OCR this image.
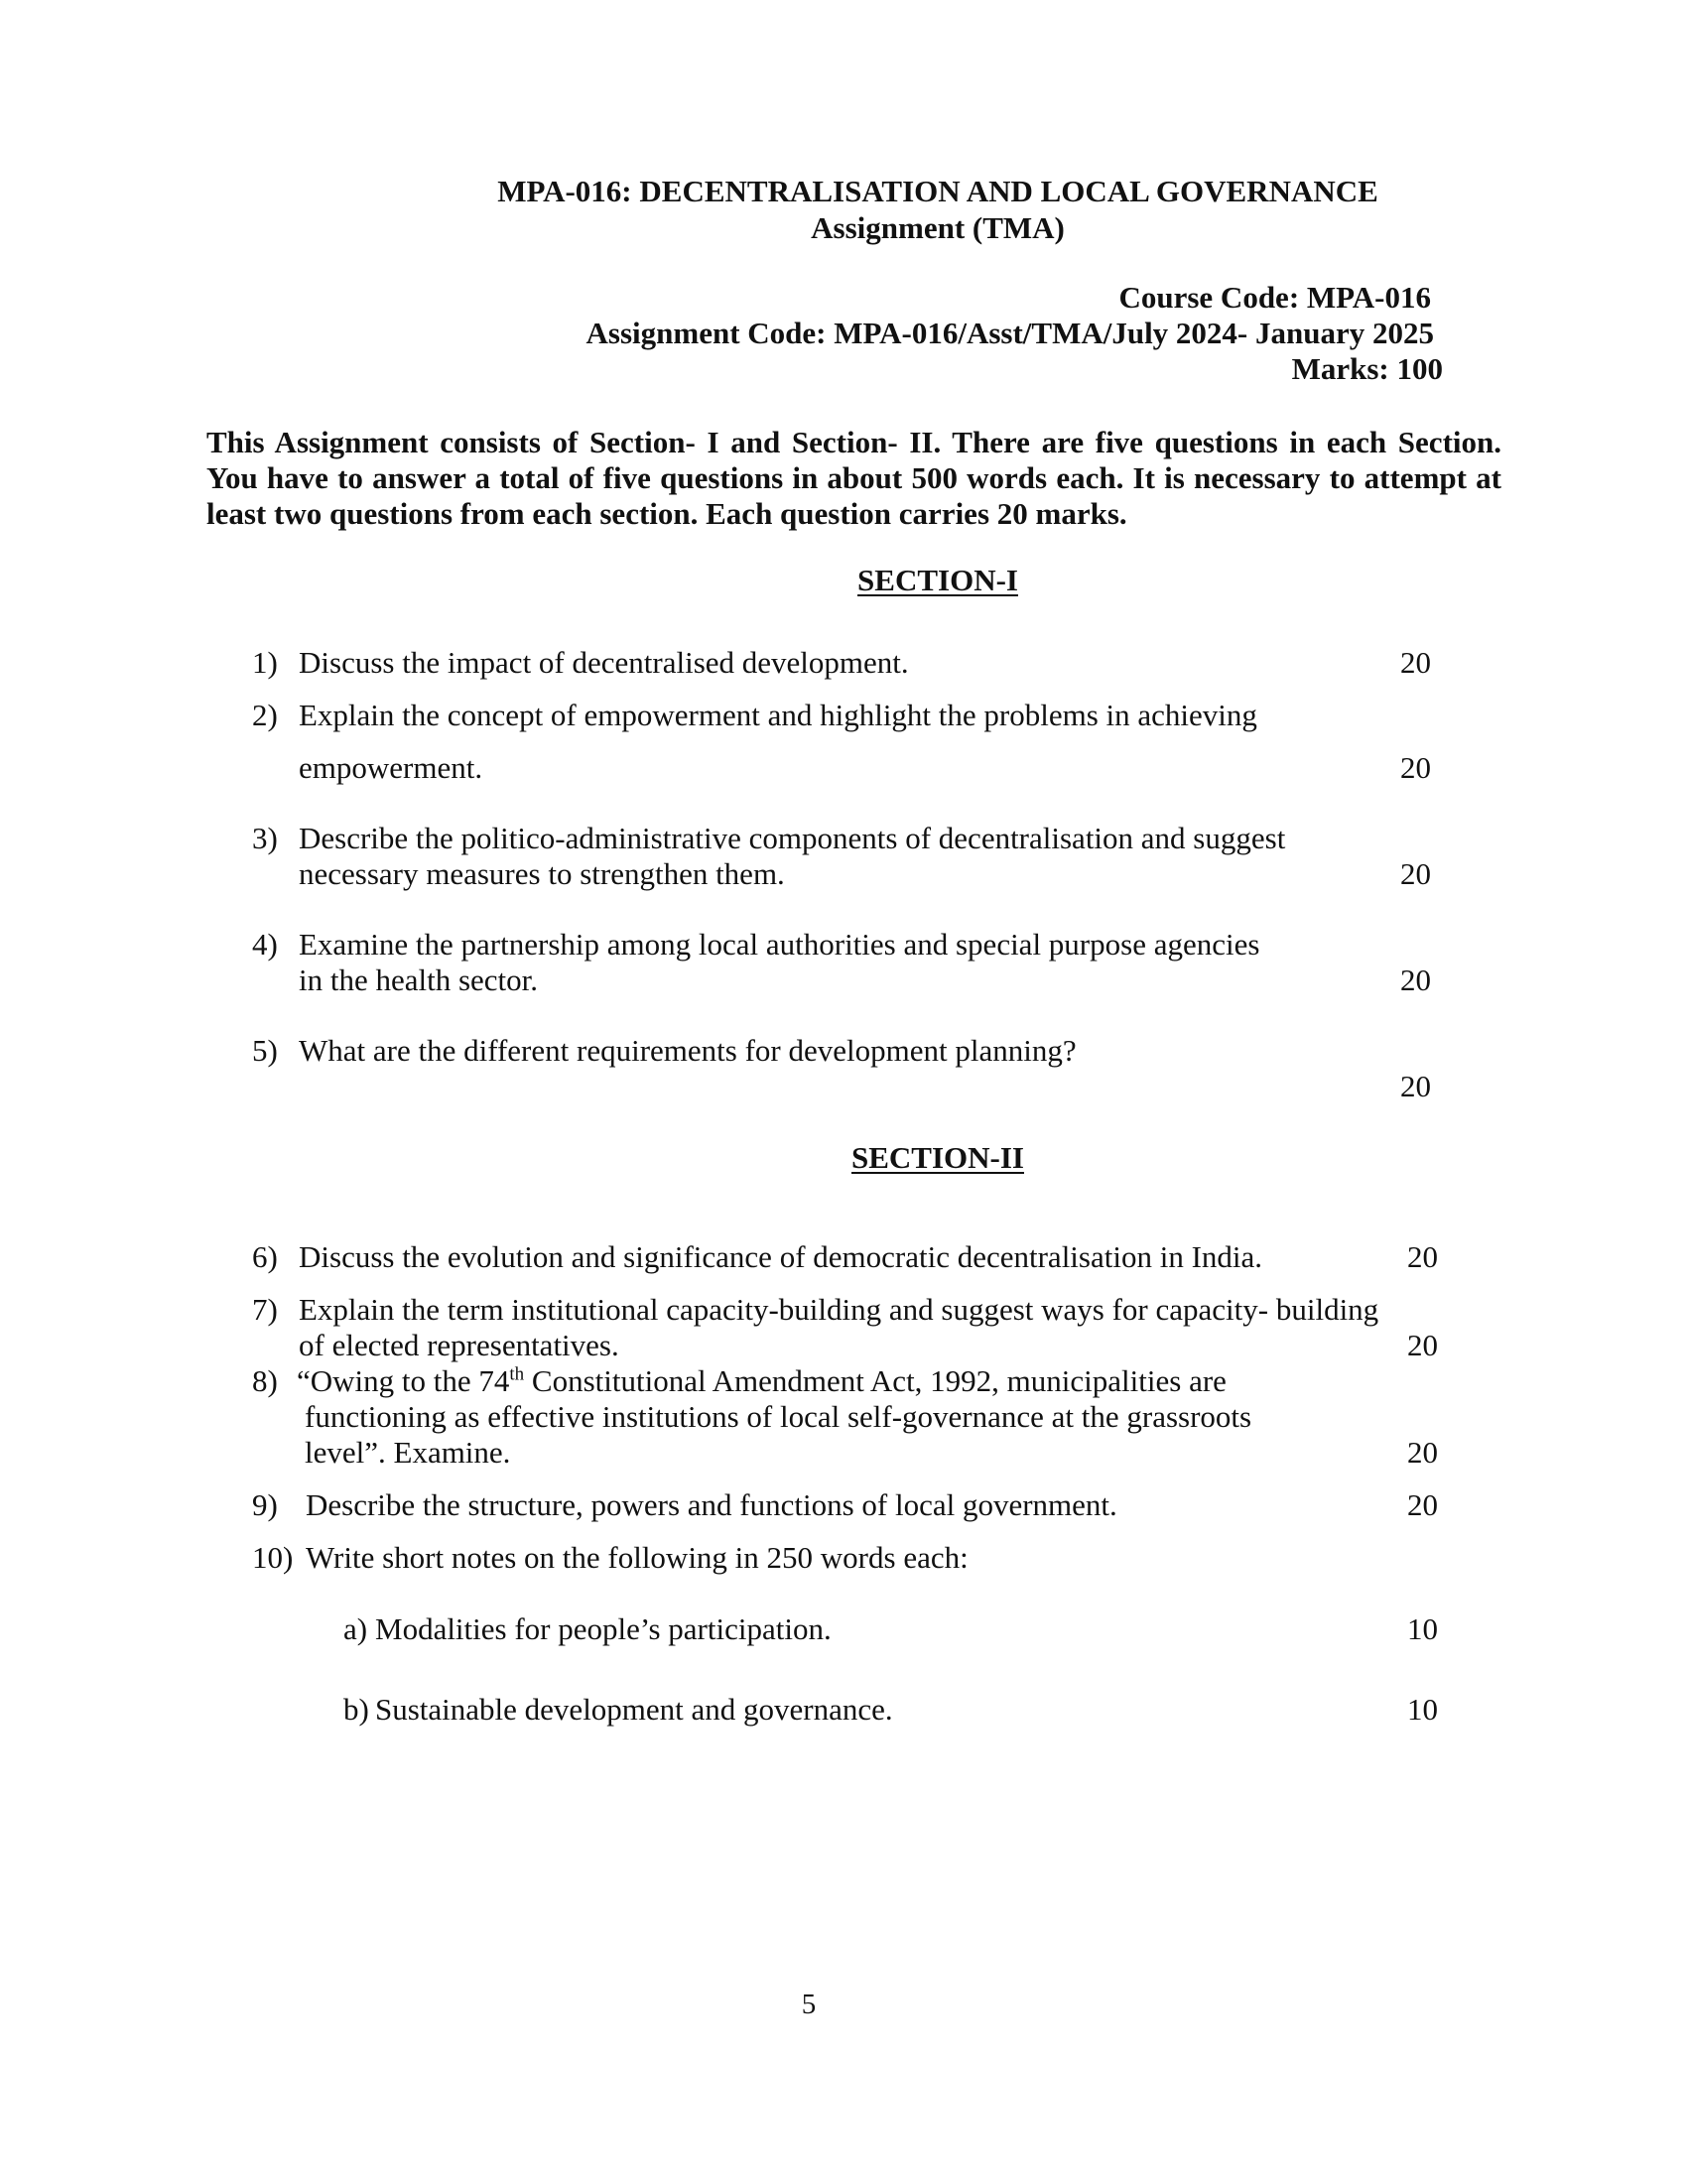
MPA-016: DECENTRALISATION AND LOCAL GOVERNANCE
Assignment (TMA)
Course Code: MPA-016
Assignment Code: MPA-016/Asst/TMA/July 2024- January 2025
Marks: 100
This Assignment consists of Section- I and Section- II. There are five questions in each Section.
You have to answer a total of five questions in about 500 words each. It is necessary to attempt at
least two questions from each section. Each question carries 20 marks.
SECTION-I
1) Discuss the impact of decentralised development.	20
2) Explain the concept of empowerment and highlight the problems in achieving
empowerment.	20
3) Describe the politico-administrative components of decentralisation and suggest
necessary measures to strengthen them.	20
4) Examine the partnership among local authorities and special purpose agencies
in the health sector.	20
5) What are the different requirements for development planning?
20
SECTION-II
6) Discuss the evolution and significance of democratic decentralisation in India.	20
7) Explain the term institutional capacity-building and suggest ways for capacity- building
of elected representatives.	20
8) “Owing to the 74th Constitutional Amendment Act, 1992, municipalities are
functioning as effective institutions of local self-governance at the grassroots
level”. Examine.	20
9) Describe the structure, powers and functions of local government.	20
10) Write short notes on the following in 250 words each:
a) Modalities for people’s participation.	10
b) Sustainable development and governance.	10
5
